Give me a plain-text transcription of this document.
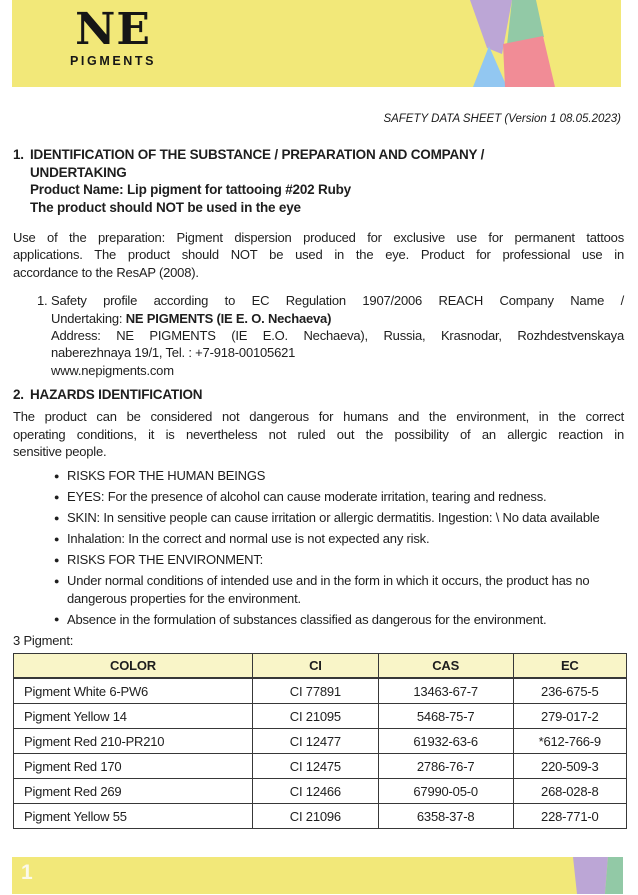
NE
PIGMENTS
SAFETY DATA SHEET (Version 1 08.05.2023)
1. IDENTIFICATION OF THE SUBSTANCE / PREPARATION AND COMPANY /
UNDERTAKING
Product Name: Lip pigment for tattooing #202 Ruby
The product should NOT be used in the eye
Use of the preparation: Pigment dispersion produced for exclusive use for permanent tattoos
applications. The product should NOT be used in the eye. Product for professional use in
accordance to the ResAP (2008).
1. Safety profile according to EC Regulation 1907/2006 REACH Company Name /
Undertaking: NE PIGMENTS (IE E. O. Nechaeva)
Address: NE PIGMENTS (IE E.O. Nechaeva), Russia, Krasnodar, Rozhdestvenskaya
naberezhnaya 19/1, Tel. : +7-918-00105621
www.nepigments.com
2. HAZARDS IDENTIFICATION
The product can be considered not dangerous for humans and the environment, in the correct
operating conditions, it is nevertheless not ruled out the possibility of an allergic reaction in
sensitive people.
● RISKS FOR THE HUMAN BEINGS
● EYES: For the presence of alcohol can cause moderate irritation, tearing and redness.
● SKIN: In sensitive people can cause irritation or allergic dermatitis. Ingestion: \ No data available
● Inhalation: In the correct and normal use is not expected any risk.
● RISKS FOR THE ENVIRONMENT:
● Under normal conditions of intended use and in the form in which it occurs, the product has no dangerous properties for the environment.
● Absence in the formulation of substances classified as dangerous for the environment.
3 Pigment:
COLOR	CI	CAS	EC
Pigment White 6-PW6	CI 77891	13463-67-7	236-675-5
Pigment Yellow 14	CI 21095	5468-75-7	279-017-2
Pigment Red 210-PR210	CI 12477	61932-63-6	*612-766-9
Pigment Red 170	CI 12475	2786-76-7	220-509-3
Pigment Red 269	CI 12466	67990-05-0	268-028-8
Pigment Yellow 55	CI 21096	6358-37-8	228-771-0
1
